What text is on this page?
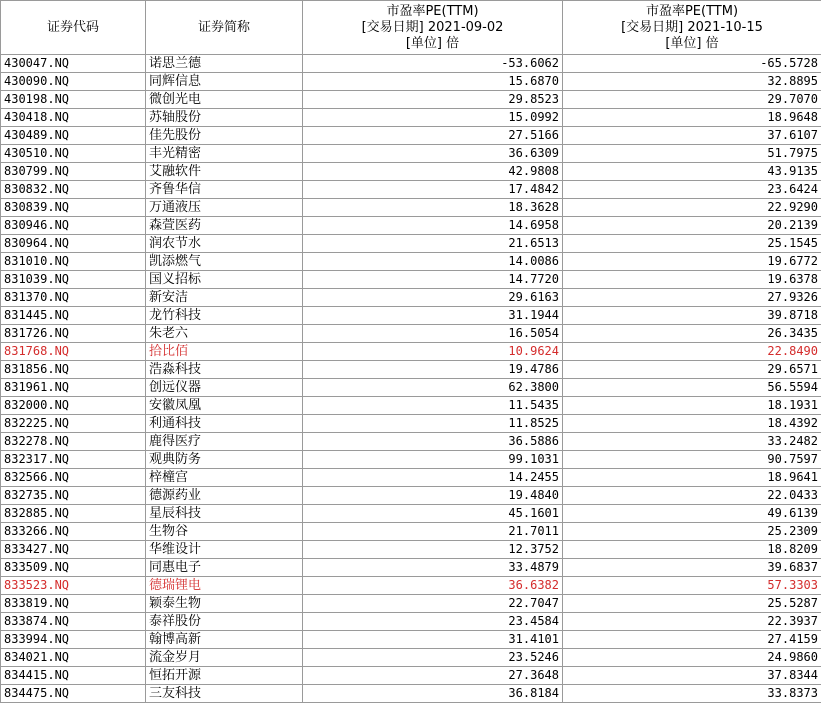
证券代码	证券简称	市盈率PE(TTM)
[交易日期] 2021-09-02
[单位] 倍	市盈率PE(TTM)
[交易日期] 2021-10-15
[单位] 倍

430047.NQ	诺思兰德	-53.6062	-65.5728
430090.NQ	同辉信息	15.6870	32.8895
430198.NQ	微创光电	29.8523	29.7070
430418.NQ	苏轴股份	15.0992	18.9648
430489.NQ	佳先股份	27.5166	37.6107
430510.NQ	丰光精密	36.6309	51.7975
830799.NQ	艾融软件	42.9808	43.9135
830832.NQ	齐鲁华信	17.4842	23.6424
830839.NQ	万通液压	18.3628	22.9290
830946.NQ	森萱医药	14.6958	20.2139
830964.NQ	润农节水	21.6513	25.1545
831010.NQ	凯添燃气	14.0086	19.6772
831039.NQ	国义招标	14.7720	19.6378
831370.NQ	新安洁	29.6163	27.9326
831445.NQ	龙竹科技	31.1944	39.8718
831726.NQ	朱老六	16.5054	26.3435
831768.NQ	拾比佰	10.9624	22.8490
831856.NQ	浩淼科技	19.4786	29.6571
831961.NQ	创远仪器	62.3800	56.5594
832000.NQ	安徽凤凰	11.5435	18.1931
832225.NQ	利通科技	11.8525	18.4392
832278.NQ	鹿得医疗	36.5886	33.2482
832317.NQ	观典防务	99.1031	90.7597
832566.NQ	梓橦宫	14.2455	18.9641
832735.NQ	德源药业	19.4840	22.0433
832885.NQ	星辰科技	45.1601	49.6139
833266.NQ	生物谷	21.7011	25.2309
833427.NQ	华维设计	12.3752	18.8209
833509.NQ	同惠电子	33.4879	39.6837
833523.NQ	德瑞锂电	36.6382	57.3303
833819.NQ	颖泰生物	22.7047	25.5287
833874.NQ	泰祥股份	23.4584	22.3937
833994.NQ	翰博高新	31.4101	27.4159
834021.NQ	流金岁月	23.5246	24.9860
834415.NQ	恒拓开源	27.3648	37.8344
834475.NQ	三友科技	36.8184	33.8373
